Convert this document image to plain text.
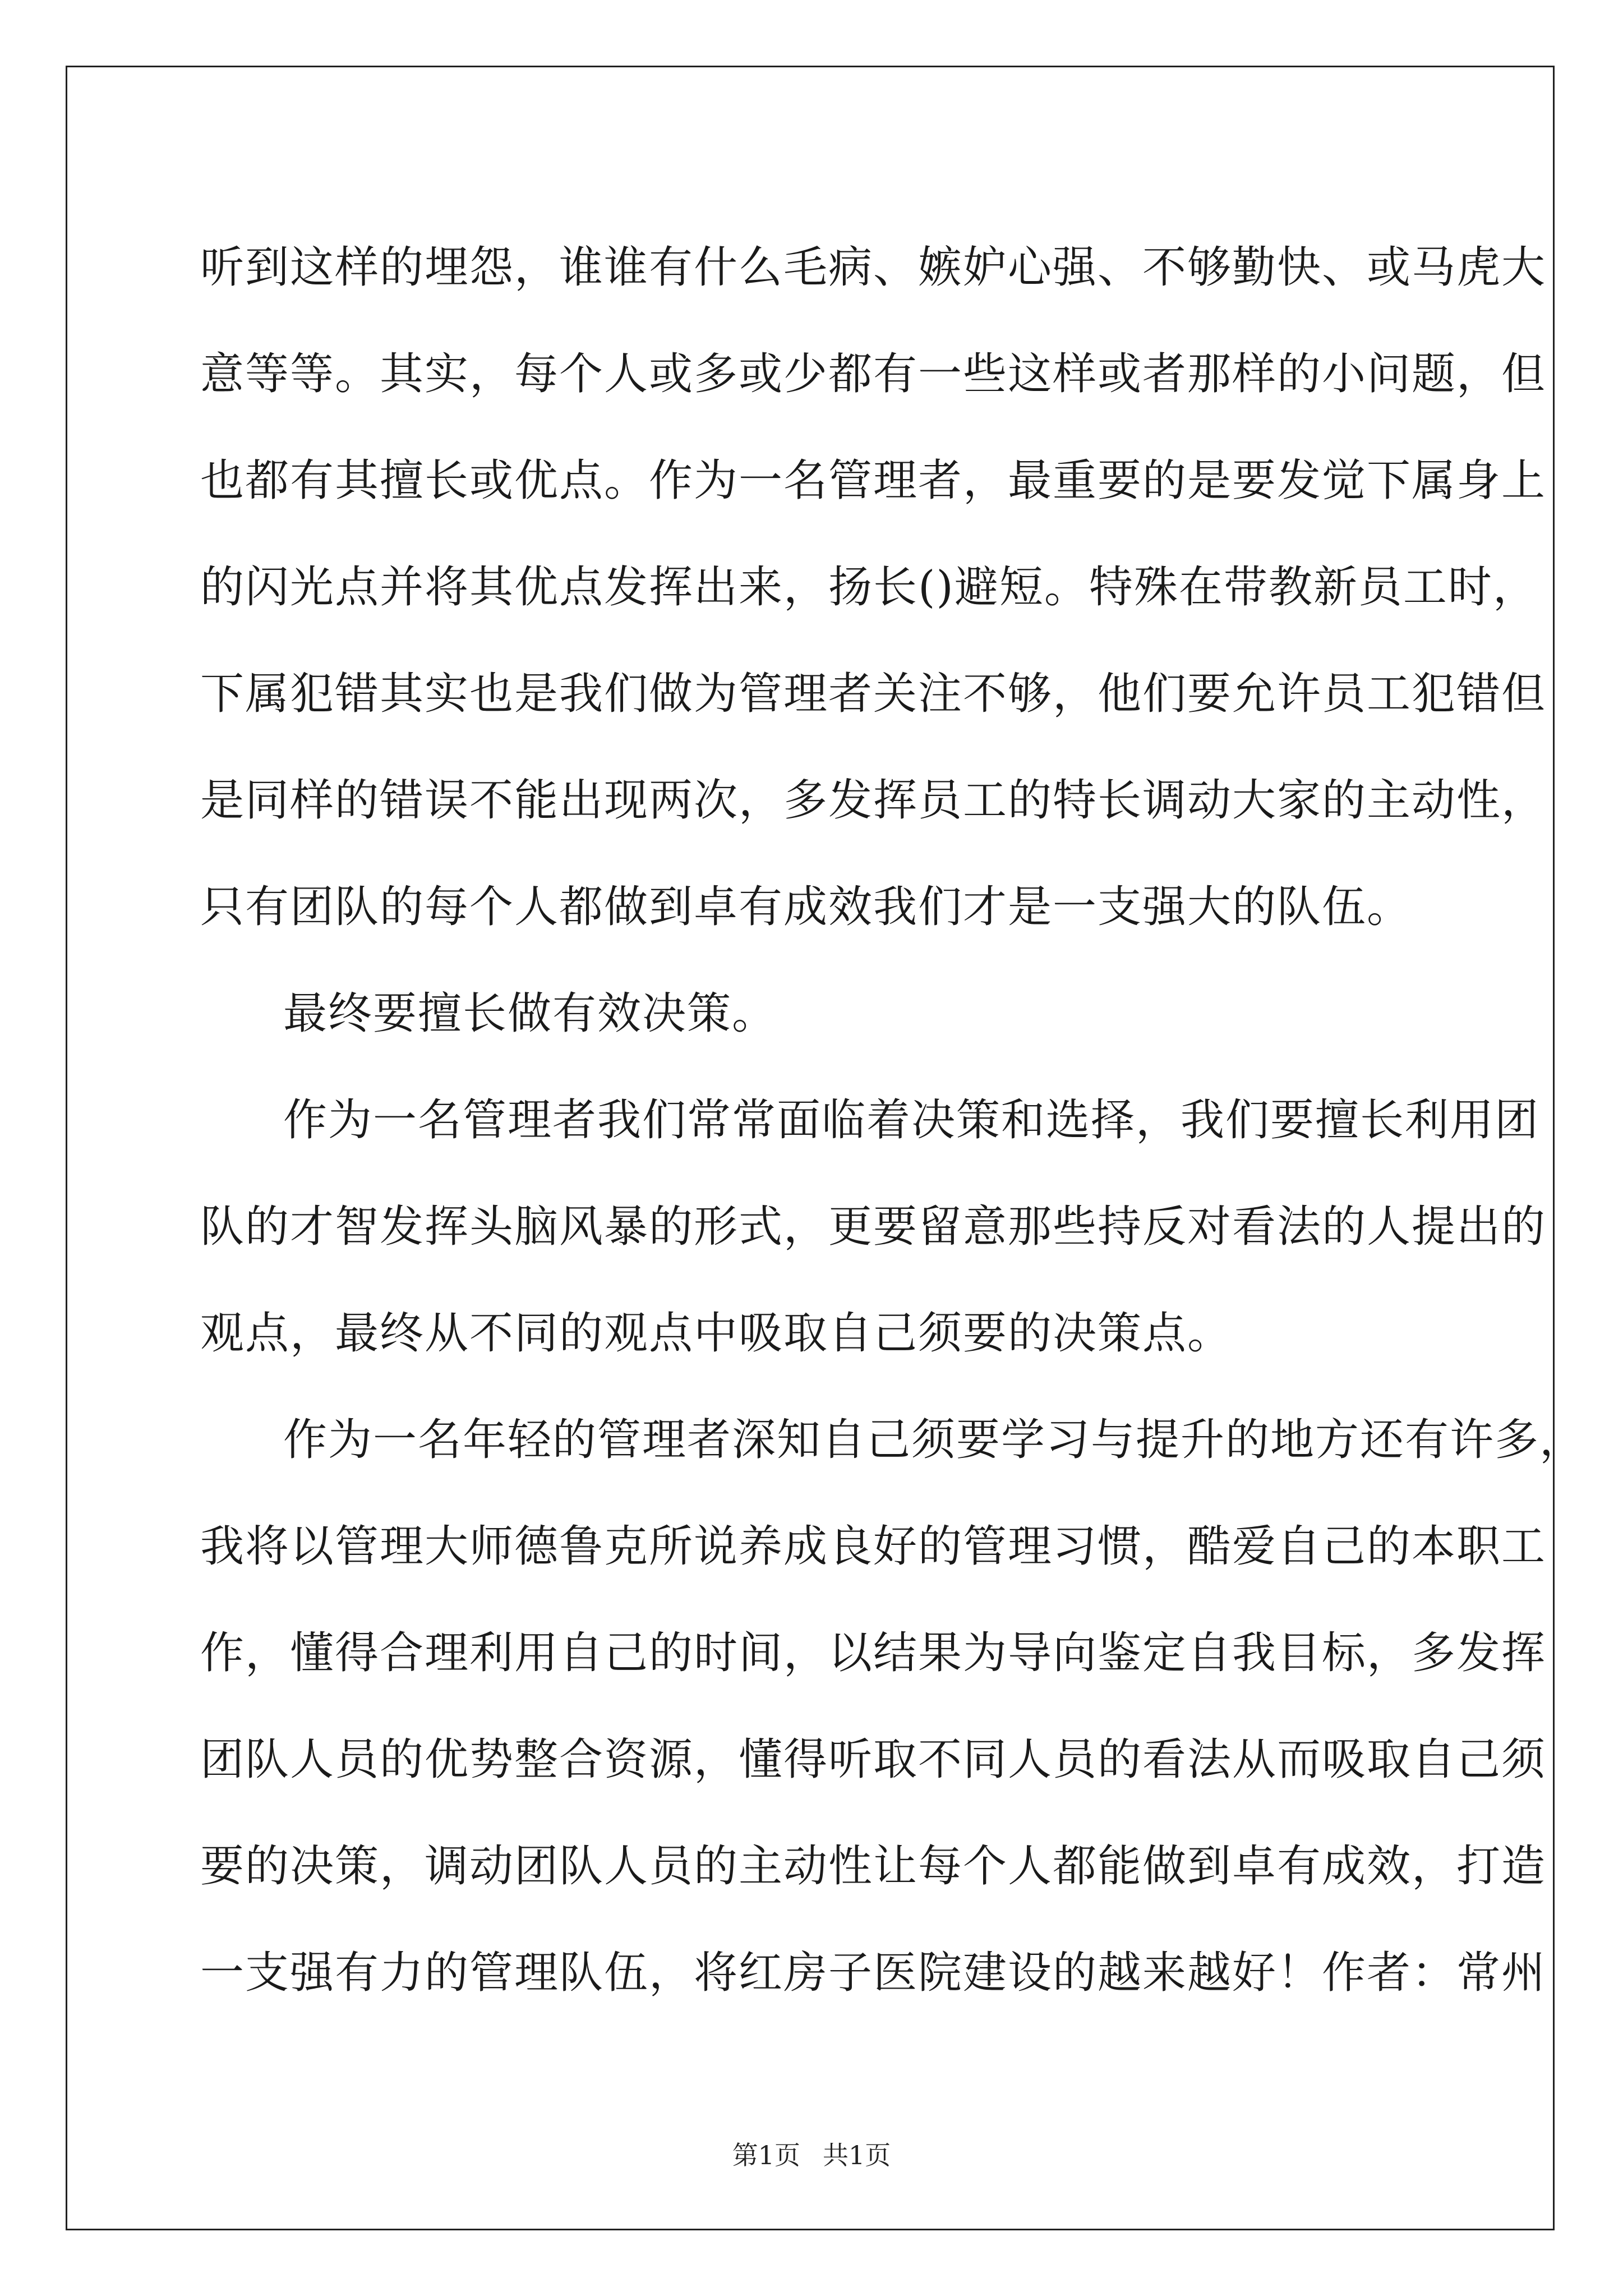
听到这样的埋怨，谁谁有什么毛病、嫉妒心强、不够勤快、或马虎大
意等等。其实，每个人或多或少都有一些这样或者那样的小问题，但
也都有其擅长或优点。作为一名管理者，最重要的是要发觉下属身上
的闪光点并将其优点发挥出来，扬长()避短。特殊在带教新员工时，
下属犯错其实也是我们做为管理者关注不够，他们要允许员工犯错但
是同样的错误不能出现两次，多发挥员工的特长调动大家的主动性，
只有团队的每个人都做到卓有成效我们才是一支强大的队伍。
最终要擅长做有效决策。
作为一名管理者我们常常面临着决策和选择，我们要擅长利用团
队的才智发挥头脑风暴的形式，更要留意那些持反对看法的人提出的
观点，最终从不同的观点中吸取自己须要的决策点。
作为一名年轻的管理者深知自己须要学习与提升的地方还有许多，
我将以管理大师德鲁克所说养成良好的管理习惯，酷爱自己的本职工
作，懂得合理利用自己的时间，以结果为导向鉴定自我目标，多发挥
团队人员的优势整合资源，懂得听取不同人员的看法从而吸取自己须
要的决策，调动团队人员的主动性让每个人都能做到卓有成效，打造
一支强有力的管理队伍，将红房子医院建设的越来越好！作者：常州
第1页 共1页
